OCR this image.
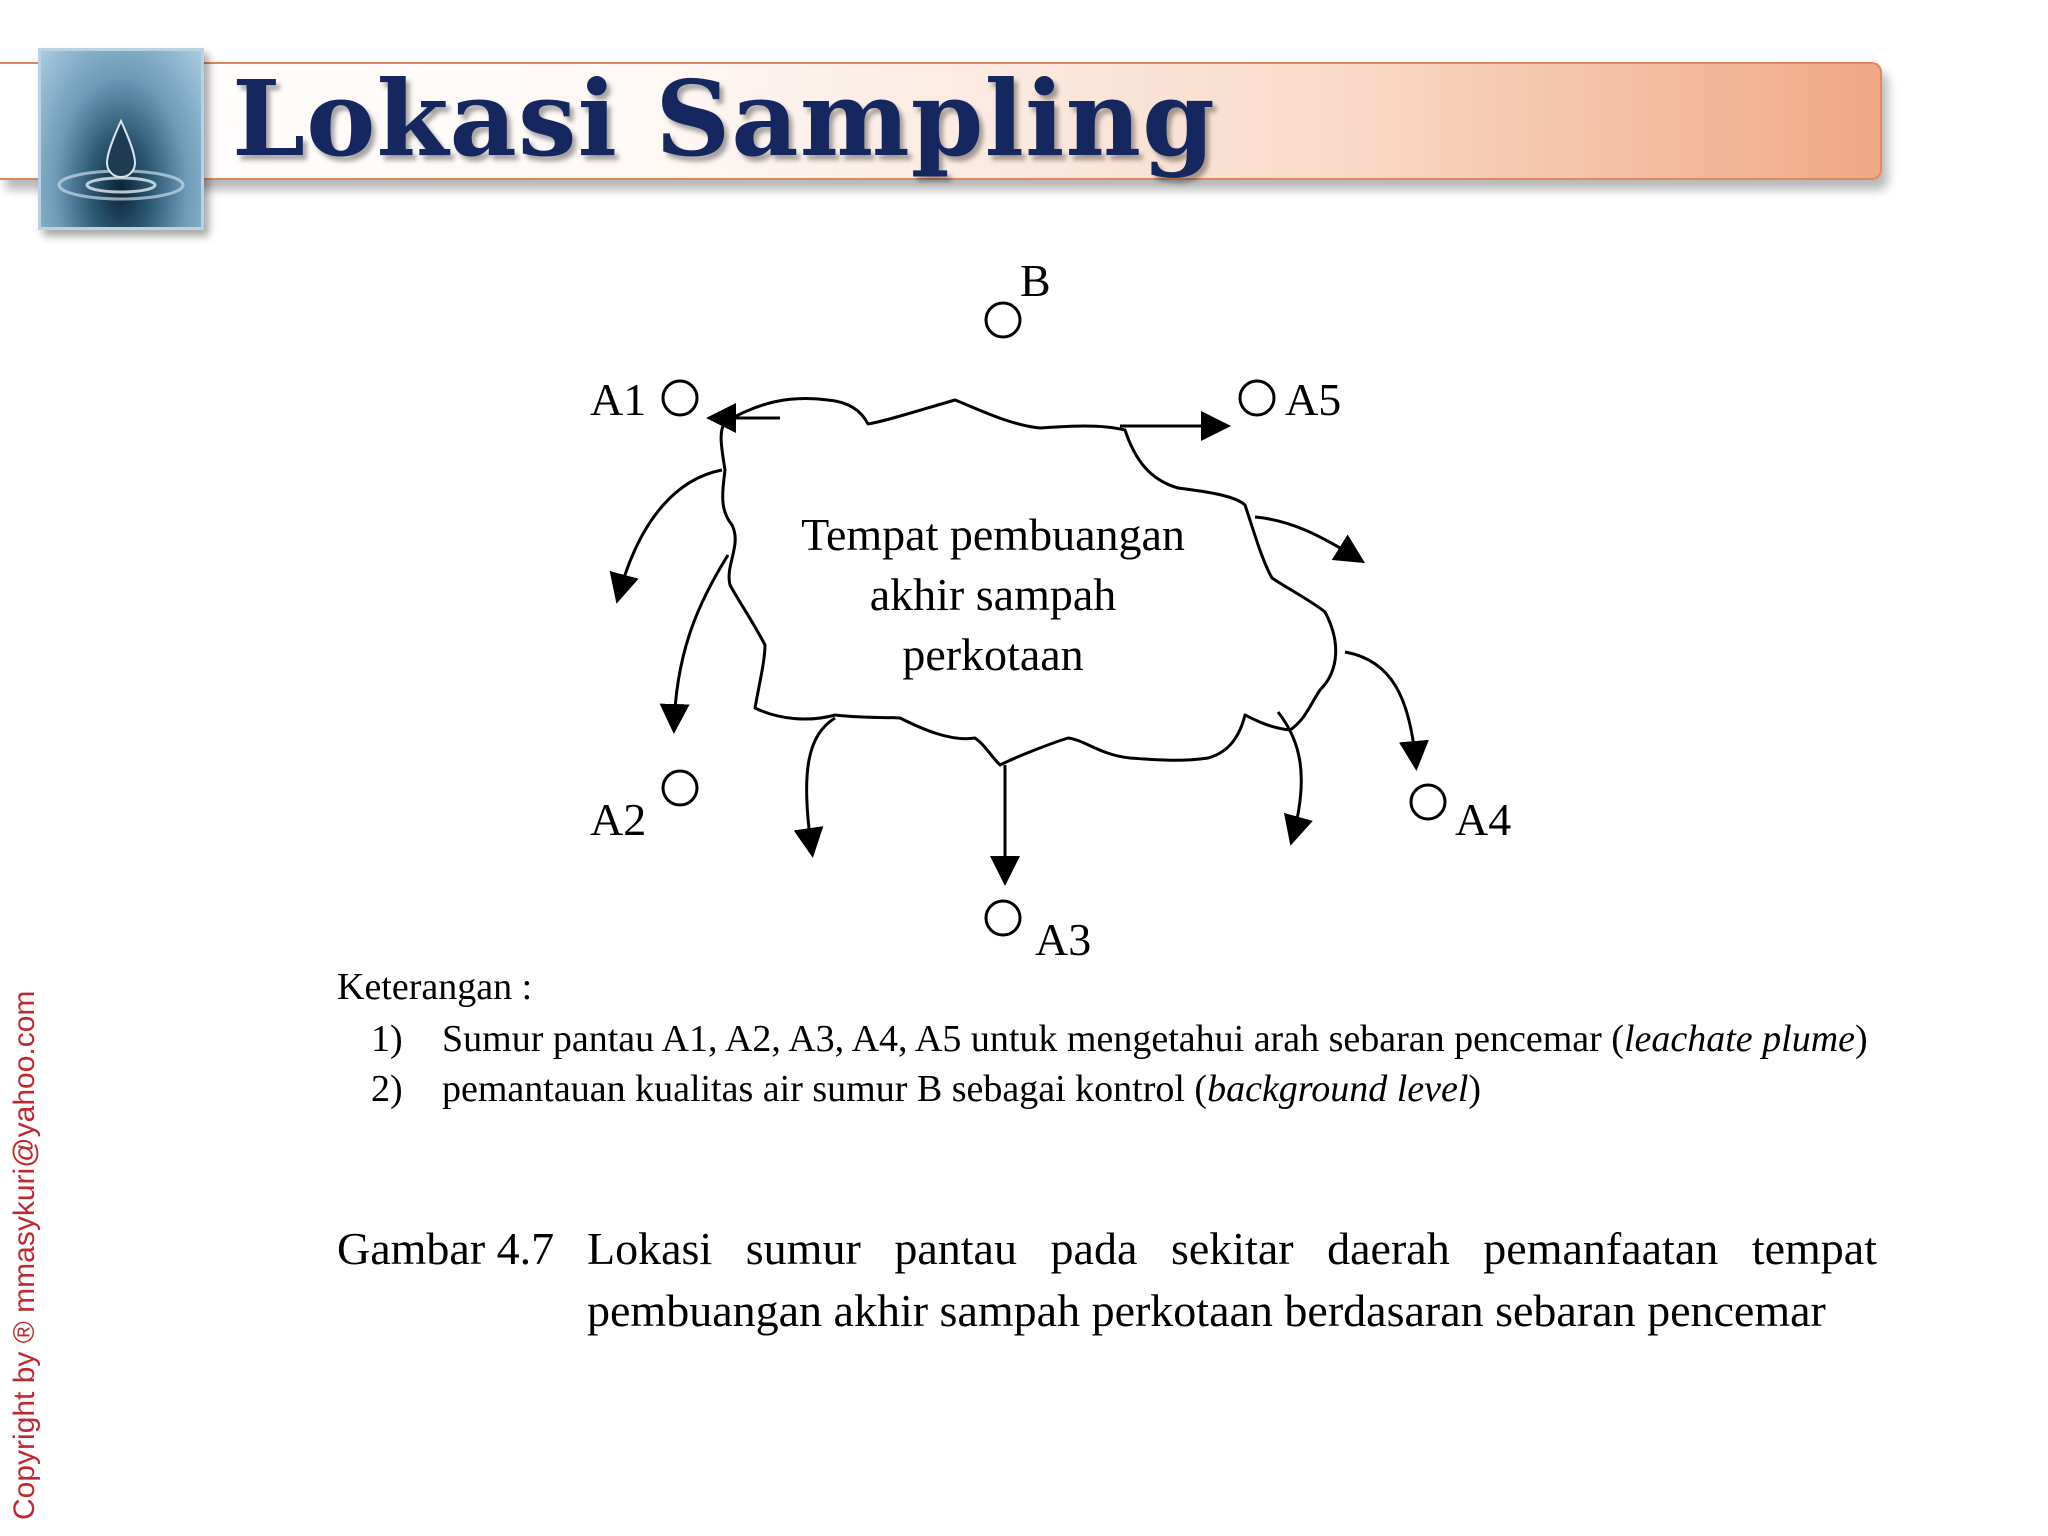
Lokasi Sampling
Tempat pembuangan
akhir sampah
perkotaan
B
A1
A2
A3
A4
A5
Keterangan :
1) Sumur pantau A1, A2, A3, A4, A5 untuk mengetahui arah sebaran pencemar (leachate plume)
2) pemantauan kualitas air sumur B sebagai kontrol (background level)
Gambar 4.7 Lokasi sumur pantau pada sekitar daerah pemanfaatan tempat pembuangan akhir sampah perkotaan berdasaran sebaran pencemar
Copyright by ® mmasykuri@yahoo.com
